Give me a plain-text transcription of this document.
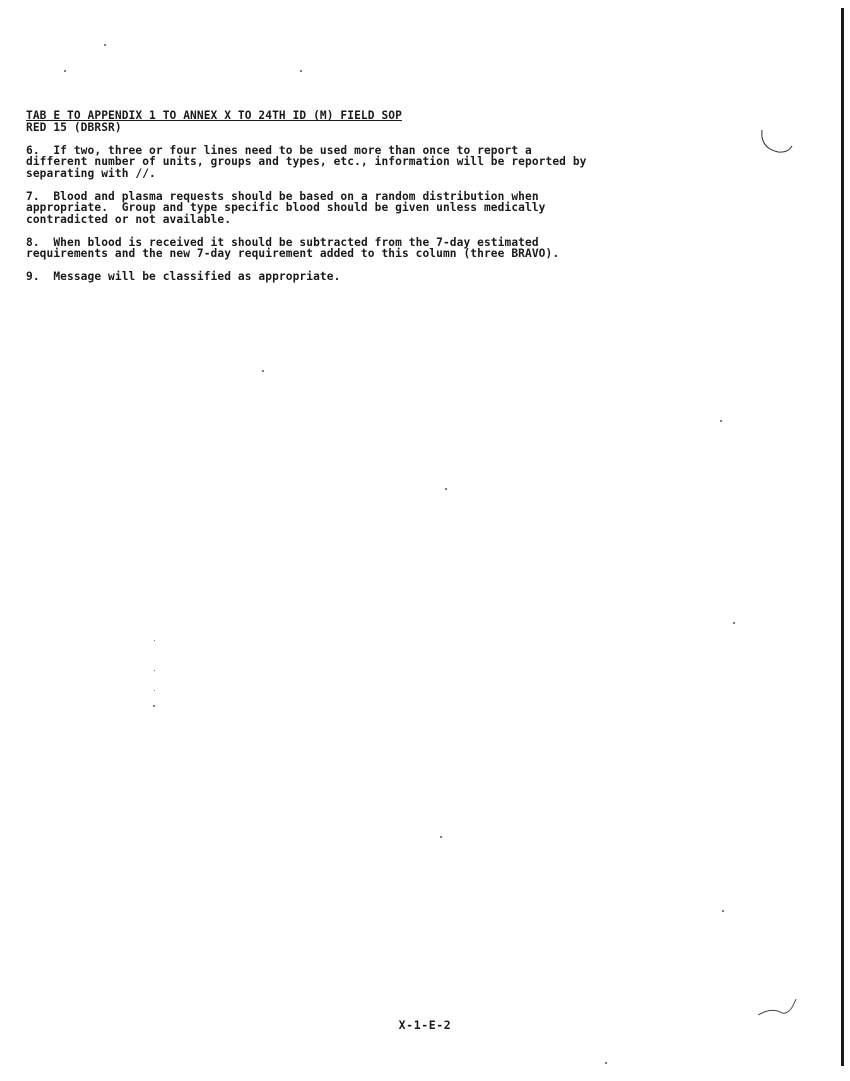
TAB E TO APPENDIX 1 TO ANNEX X TO 24TH ID (M) FIELD SOP
RED 15 (DBRSR)
6. If two, three or four lines need to be used more than once to report a
different number of units, groups and types, etc., information will be reported by
separating with //.
7. Blood and plasma requests should be based on a random distribution when
appropriate.  Group and type specific blood should be given unless medically
contradicted or not available.
8. When blood is received it should be subtracted from the 7-day estimated
requirements and the new 7-day requirement added to this column (three BRAVO).
9. Message will be classified as appropriate.
X-1-E-2
